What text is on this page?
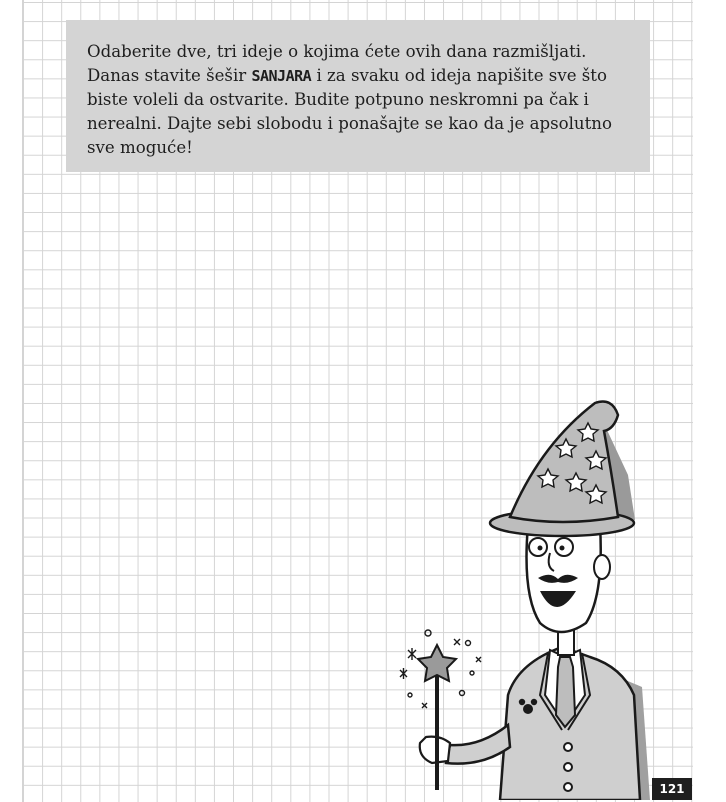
Odaberite dve, tri ideje o kojima ćete ovih dana razmišljati. Danas stavite šešir SANJARA i za svaku od ideja napišite sve što biste voleli da ostvarite. Budite potpuno neskromni pa čak i nerealni. Dajte sebi slobodu i ponašajte se kao da je apsolutno sve moguće!

121
